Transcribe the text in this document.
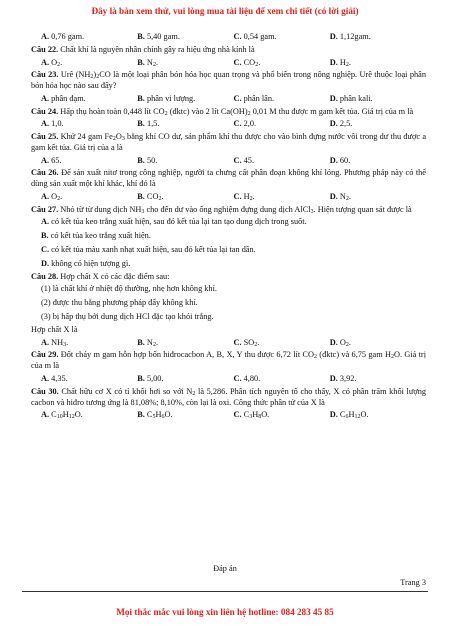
Đây là bản xem thử, vui lòng mua tài liệu để xem chi tiết (có lời giải)
A. 0,76 gam.	B. 5,40 gam.	C. 0,54 gam.	D. 1,12gam.
Câu 22. Chất khí là nguyên nhân chính gây ra hiệu ứng nhà kính là
A. $O_2$.	B. $N_2$.	C. $CO_2$.	D. $H_2$.
Câu 23. Urê $(NH_2)_2CO$ là một loại phân bón hóa học quan trọng và phổ biến trong nông nghiệp. Urê thuộc loại phân bón hóa học nào sau đây?
A. phân đạm.	B. phân vi lượng.	C. phân lân.	D. phân kali.
Câu 24. Hấp thụ hoàn toàn 0,448 lít $CO_2$ (đktc) vào 2 lít $Ca(OH)_2$ 0,01 M thu được m gam kết tủa. Giá trị của m là
A. 1,0.	B. 1,5.	C. 2,0.	D. 2,5.
Câu 25. Khử 24 gam $Fe_2O_3$ bằng khí CO dư, sản phẩm khí thu được cho vào bình đựng nước vôi trong dư thu được a gam kết tủa. Giá trị của a là
A. 65.	B. 50.	C. 45.	D. 60.
Câu 26. Để sản xuất nitơ trong công nghiệp, người ta chưng cất phân đoạn không khí lỏng. Phương pháp này có thể dùng sản xuất một khí khác, khí đó là
A. $O_2$.	B. $CO_2$.	C. $H_2$.	D. $N_2$.
Câu 27. Nhỏ từ từ dung dịch $NH_3$ cho đến dư vào ống nghiệm đựng dung dịch AlCl$_3$. Hiện tượng quan sát được là
A.
có kết tủa keo trắng xuất hiện, sau đó kết tủa lại tan tạo dung dịch trong suốt.
B.
có kết tủa keo trắng xuất hiện.
C.
có kết tủa màu xanh nhạt xuất hiện, sau đó kết tủa lại tan dần.
D.
không có hiện tượng gì.
Câu 28. Hợp chất X có các đặc điểm sau:
(1) là chất khí ở nhiệt độ thường, nhẹ hơn không khí.
(2) được thu bằng phương pháp đẩy không khí.
(3) bị hấp thụ bởi dung dịch HCl đặc tạo khói trắng.
Hợp chất X là
A. $NH_3$.	B. $N_2$.	C. $SO_2$.	D. $O_2$.
Câu 29. Đốt cháy m gam hỗn hợp bốn hiđrocacbon A, B, X, Y thu được 6,72 lít $CO_2$ (đktc) và 6,75 gam $H_2O$. Giá trị của m là
A. 4,35.	B. 5,00.	C. 4,80.	D. 3,92.
Câu 30. Chất hữu cơ X có tỉ khối hơi so với $N_2$ là 5,286. Phân tích nguyên tố cho thấy, X có phần trăm khối lượng cacbon và hiđro tương ứng là 81,08%; 8,10%, còn lại là oxi. Công thức phân tử của X là
A. $C_{10}H_{12}O$.	B. $C_5H_6O$.	C. $C_3H_8O$.	D. $C_6H_{12}O$.
Đáp án
Trang 3
Mọi thắc mắc vui lòng xin liên hệ hotline: 084 283 45 85
